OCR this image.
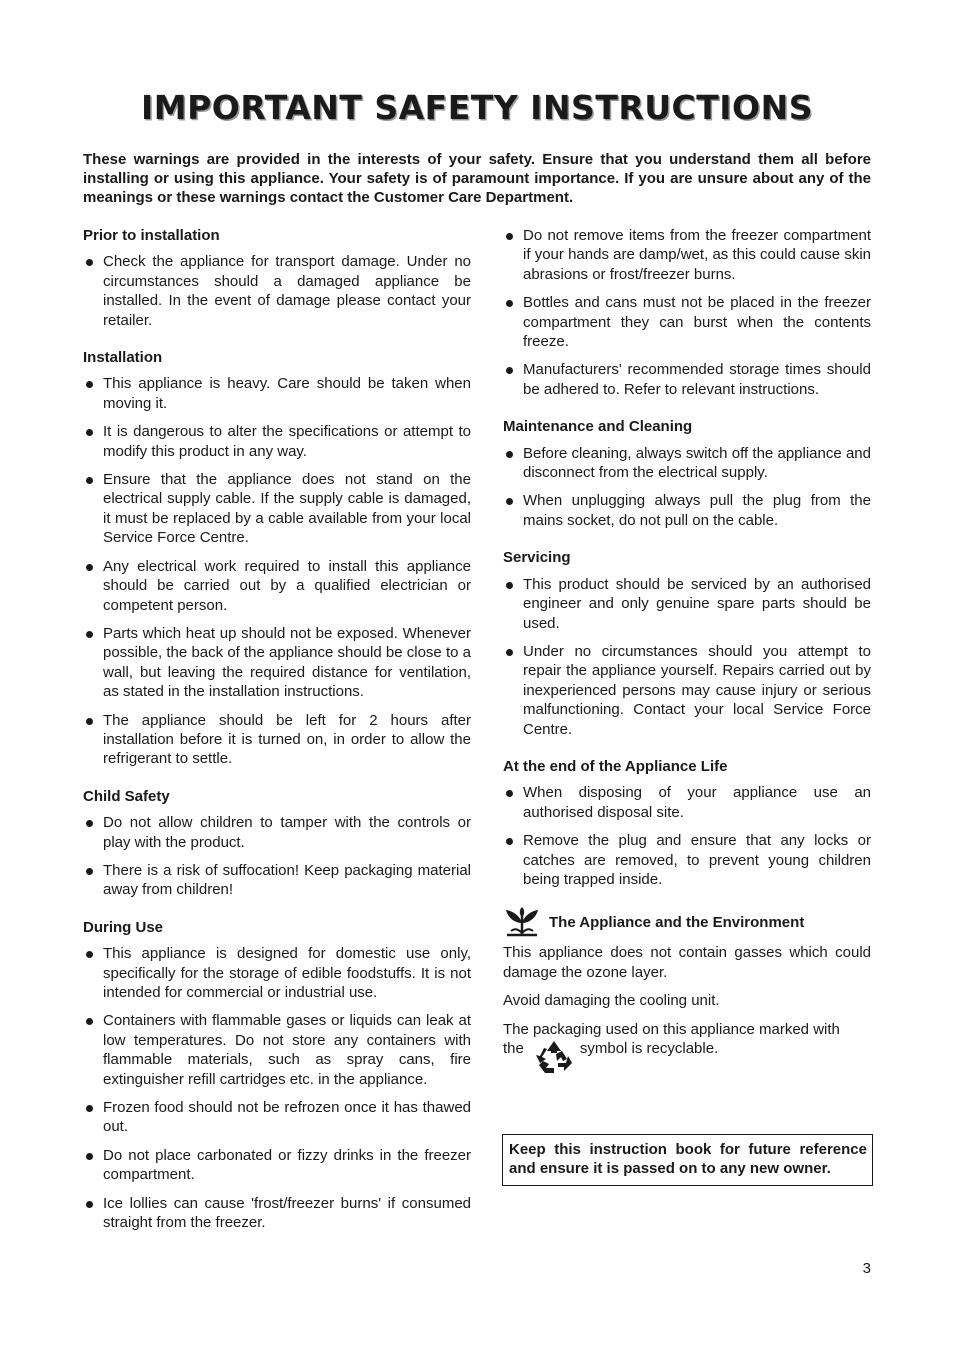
IMPORTANT SAFETY INSTRUCTIONS
These warnings are provided in the interests of your safety. Ensure that you understand them all before installing or using this appliance. Your safety is of paramount importance. If you are unsure about any of the meanings or these warnings contact the Customer Care Department.
Prior to installation
Check the appliance for transport damage. Under no circumstances should a damaged appliance be installed. In the event of damage please contact your retailer.
Installation
This appliance is heavy. Care should be taken when moving it.
It is dangerous to alter the specifications or attempt to modify this product in any way.
Ensure that the appliance does not stand on the electrical supply cable. If the supply cable is damaged, it must be replaced by a cable available from your local Service Force Centre.
Any electrical work required to install this appliance should be carried out by a qualified electrician or competent person.
Parts which heat up should not be exposed. Whenever possible, the back of the appliance should be close to a wall, but leaving the required distance for ventilation, as stated in the installation instructions.
The appliance should be left for 2 hours after installation before it is turned on, in order to allow the refrigerant to settle.
Child Safety
Do not allow children to tamper with the controls or play with the product.
There is a risk of suffocation! Keep packaging material away from children!
During Use
This appliance is designed for domestic use only, specifically for the storage of edible foodstuffs. It is not intended for commercial or industrial use.
Containers with flammable gases or liquids can leak at low temperatures. Do not store any containers with flammable materials, such as spray cans, fire extinguisher refill cartridges etc. in the appliance.
Frozen food should not be refrozen once it has thawed out.
Do not place carbonated or fizzy drinks in the freezer compartment.
Ice lollies can cause 'frost/freezer burns' if consumed straight from the freezer.
Do not remove items from the freezer compartment if your hands are damp/wet, as this could cause skin abrasions or frost/freezer burns.
Bottles and cans must not be placed in the freezer compartment they can burst when the contents freeze.
Manufacturers' recommended storage times should be adhered to. Refer to relevant instructions.
Maintenance and Cleaning
Before cleaning, always switch off the appliance and disconnect from the electrical supply.
When unplugging always pull the plug from the mains socket, do not pull on the cable.
Servicing
This product should be serviced by an authorised engineer and only genuine spare parts should be used.
Under no circumstances should you attempt to repair the appliance yourself. Repairs carried out by inexperienced persons may cause injury or serious malfunctioning. Contact your local Service Force Centre.
At the end of the Appliance Life
When disposing of your appliance use an authorised disposal site.
Remove the plug and ensure that any locks or catches are removed, to prevent young children being trapped inside.
The Appliance and the Environment
This appliance does not contain gasses which could damage the ozone layer.
Avoid damaging the cooling unit.
The packaging used on this appliance marked with
the	symbol is recyclable.
Keep this instruction book for future reference and ensure it is passed on to any new owner.
3
